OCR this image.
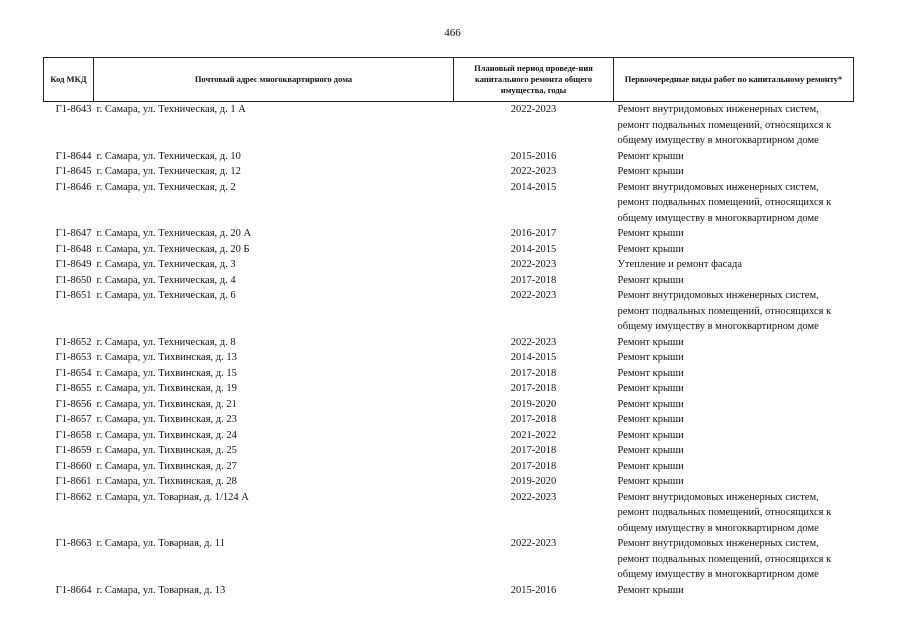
466
Код МКД	Почтовый адрес многоквартирного дома	Плановый период проведе-ния капитального ремонта общего имущества, годы	Первоочередные виды работ по капитальному ремонту*
Г1-8643	г. Самара, ул. Техническая, д. 1 А	2022-2023	Ремонт внутридомовых инженерных систем,
ремонт подвальных помещений, относящихся к
общему имуществу в многоквартирном доме

Г1-8644	г. Самара, ул. Техническая, д. 10	2015-2016	Ремонт крыши

Г1-8645	г. Самара, ул. Техническая, д. 12	2022-2023	Ремонт крыши

Г1-8646	г. Самара, ул. Техническая, д. 2	2014-2015	Ремонт внутридомовых инженерных систем,
ремонт подвальных помещений, относящихся к
общему имуществу в многоквартирном доме

Г1-8647	г. Самара, ул. Техническая, д. 20 А	2016-2017	Ремонт крыши

Г1-8648	г. Самара, ул. Техническая, д. 20 Б	2014-2015	Ремонт крыши

Г1-8649	г. Самара, ул. Техническая, д. 3	2022-2023	Утепление и ремонт фасада

Г1-8650	г. Самара, ул. Техническая, д. 4	2017-2018	Ремонт крыши

Г1-8651	г. Самара, ул. Техническая, д. 6	2022-2023	Ремонт внутридомовых инженерных систем,
ремонт подвальных помещений, относящихся к
общему имуществу в многоквартирном доме

Г1-8652	г. Самара, ул. Техническая, д. 8	2022-2023	Ремонт крыши

Г1-8653	г. Самара, ул. Тихвинская, д. 13	2014-2015	Ремонт крыши

Г1-8654	г. Самара, ул. Тихвинская, д. 15	2017-2018	Ремонт крыши

Г1-8655	г. Самара, ул. Тихвинская, д. 19	2017-2018	Ремонт крыши

Г1-8656	г. Самара, ул. Тихвинская, д. 21	2019-2020	Ремонт крыши

Г1-8657	г. Самара, ул. Тихвинская, д. 23	2017-2018	Ремонт крыши

Г1-8658	г. Самара, ул. Тихвинская, д. 24	2021-2022	Ремонт крыши

Г1-8659	г. Самара, ул. Тихвинская, д. 25	2017-2018	Ремонт крыши

Г1-8660	г. Самара, ул. Тихвинская, д. 27	2017-2018	Ремонт крыши

Г1-8661	г. Самара, ул. Тихвинская, д. 28	2019-2020	Ремонт крыши

Г1-8662	г. Самара, ул. Товарная, д. 1/124 А	2022-2023	Ремонт внутридомовых инженерных систем,
ремонт подвальных помещений, относящихся к
общему имуществу в многоквартирном доме

Г1-8663	г. Самара, ул. Товарная, д. 11	2022-2023	Ремонт внутридомовых инженерных систем,
ремонт подвальных помещений, относящихся к
общему имуществу в многоквартирном доме

Г1-8664	г. Самара, ул. Товарная, д. 13	2015-2016	Ремонт крыши
